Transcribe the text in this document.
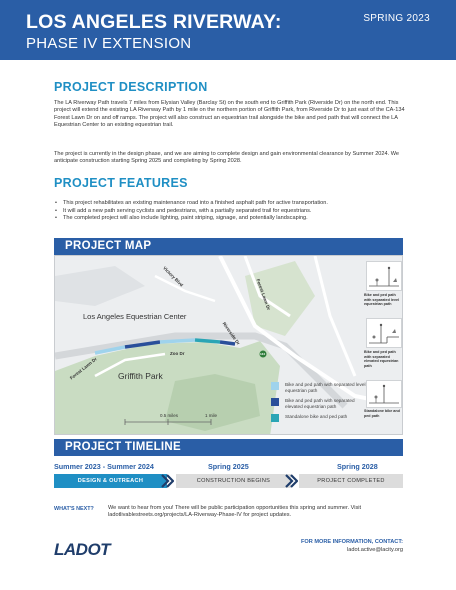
LOS ANGELES RIVERWAY:
PHASE IV EXTENSION
SPRING 2023
PROJECT DESCRIPTION
The LA Riverway Path travels 7 miles from Elysian Valley (Barclay St) on the south end to Griffith Park (Riverside Dr) on the north end. This project will extend the existing LA Riverway Path by 1 mile on the northern portion of Griffith Park, from Riverside Dr to just east of the CA-134 Forest Lawn Dr on and off ramps. The project will also construct an equestrian trail alongside the bike and ped path that will connect the LA Equestrian Center to an existing equestrian trail.
The project is currently in the design phase, and we are aiming to complete design and gain environmental clearance by Summer 2024. We anticipate construction starting Spring 2025 and completing by Spring 2028.
PROJECT FEATURES
• This project rehabilitates an existing maintenance road into a finished asphalt path for active transportation.
• It will add a new path serving cyclists and pedestrians, with a partially separated trail for equestrians.
• The completed project will also include lighting, paint striping, signage, and potentially landscaping.
PROJECT MAP
Los Angeles Equestrian Center
Griffith Park
Victory Blvd
Forest Lawn Dr
Riverside Dr
Zoo Dr
Forest Lawn Dr
134
0.5 miles	1 mile
Bike and ped path with separated level equestrian path
Bike and ped path with separated elevated equestrian path
Standalone bike and ped path
Bike and ped path with separated level equestrian path
Bike and ped path with separated elevated equestrian path
Standalone bike and ped path
PROJECT TIMELINE
Summer 2023 - Summer 2024	Spring 2025	Spring 2028
DESIGN & OUTREACH	CONSTRUCTION BEGINS	PROJECT COMPLETED
WHAT'S NEXT?	We want to hear from you! There will be public participation opportunities this spring and summer. Visit ladotlivablestreets.org/projects/LA-Riverway-Phase-IV for project updates.
LADOT	FOR MORE INFORMATION, CONTACT:
ladot.active@lacity.org
